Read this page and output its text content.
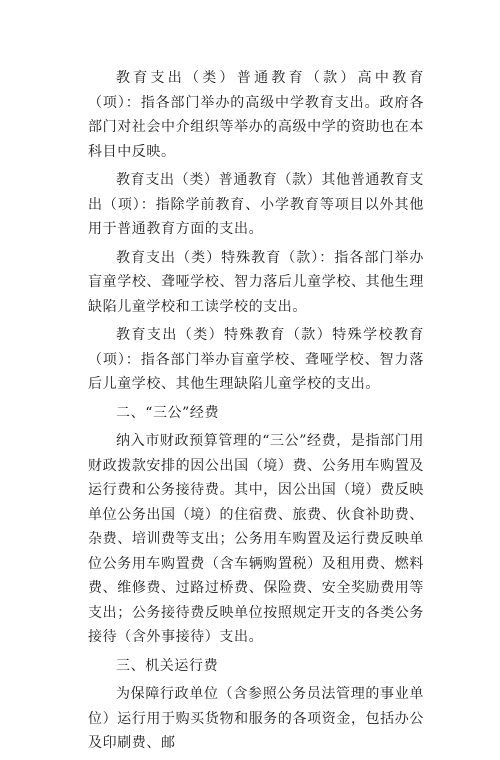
教育支出（类）普通教育（款）高中教育（项）：指各部门举办的高级中学教育支出。政府各部门对社会中介组织等举办的高级中学的资助也在本科目中反映。

教育支出（类）普通教育（款）其他普通教育支出（项）：指除学前教育、小学教育等项目以外其他用于普通教育方面的支出。

教育支出（类）特殊教育（款）：指各部门举办盲童学校、聋哑学校、智力落后儿童学校、其他生理缺陷儿童学校和工读学校的支出。

教育支出（类）特殊教育（款）特殊学校教育（项）：指各部门举办盲童学校、聋哑学校、智力落后儿童学校、其他生理缺陷儿童学校的支出。

二、“三公”经费

纳入市财政预算管理的“三公”经费，是指部门用财政拨款安排的因公出国（境）费、公务用车购置及运行费和公务接待费。其中，因公出国（境）费反映单位公务出国（境）的住宿费、旅费、伙食补助费、杂费、培训费等支出；公务用车购置及运行费反映单位公务用车购置费（含车辆购置税）及租用费、燃料费、维修费、过路过桥费、保险费、安全奖励费用等支出；公务接待费反映单位按照规定开支的各类公务接待（含外事接待）支出。

三、机关运行费

为保障行政单位（含参照公务员法管理的事业单位）运行用于购买货物和服务的各项资金，包括办公及印刷费、邮
